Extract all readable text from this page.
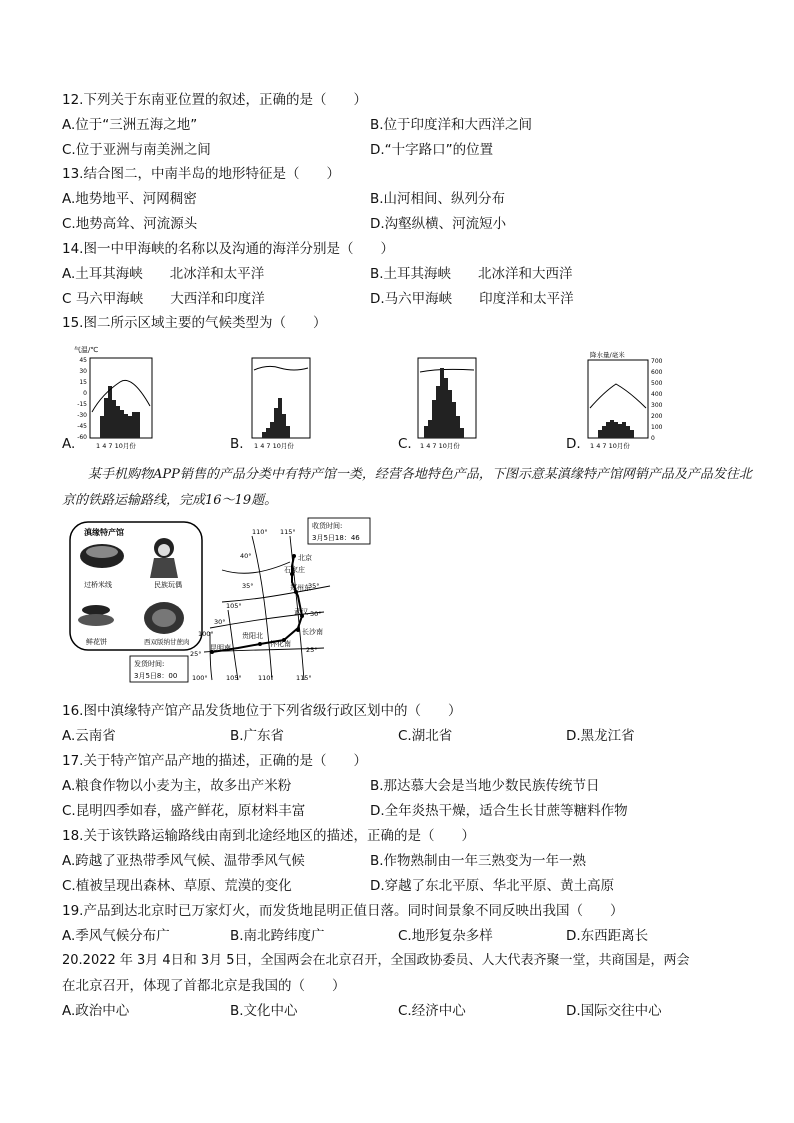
12.下列关于东南亚位置的叙述，正确的是（　　）
A.位于“三洲五海之地”	B.位于印度洋和大西洋之间
C.位于亚洲与南美洲之间	D.“十字路口”的位置
13.结合图二，中南半岛的地形特征是（　　）
A.地势地平、河网稠密	B.山河相间、纵列分布
C.地势高耸、河流源头	D.沟壑纵横、河流短小
14.图一中甲海峡的名称以及沟通的海洋分别是（　　）
A.土耳其海峡　　北冰洋和太平洋	B.土耳其海峡　　北冰洋和大西洋
C 马六甲海峡　　大西洋和印度洋	D.马六甲海峡　　印度洋和太平洋
15.图二所示区域主要的气候类型为（　　）
A.
气温/℃
45
30
15
0
-15
-30
-45
-60
1 4 7 10月份	B. 1 4 7 10月份	C. 1 4 7 10月份	D.
降水量/毫米
700
600
500
400
300
200
100
0
1 4 7 10月份
某手机购物APP销售的产品分类中有特产馆一类，经营各地特色产品，下图示意某滇缘特产馆网销产品及产品发往北京的铁路运输路线，完成16～19题。
滇缘特产馆
过桥米线	民族玩偶
鲜花饼	西双版纳甘蔗肉
北京
石家庄
郑州东
武汉
长沙南
怀化南
贵阳北
昆明南
110° 115°
105°
100°
100°	105°	110°	115°
40°
35°	35°
30°
30°
25°	25°
收货时间:
3月5日18：46
发货时间:
3月5日8：00
16.图中滇缘特产馆产品发货地位于下列省级行政区划中的（　　）
A.云南省	B.广东省	C.湖北省	D.黑龙江省
17.关于特产馆产品产地的描述，正确的是（　　）
A.粮食作物以小麦为主，故多出产米粉	B.那达慕大会是当地少数民族传统节日
C.昆明四季如春，盛产鲜花，原材料丰富	D.全年炎热干燥，适合生长甘蔗等糖料作物
18.关于该铁路运输路线由南到北途经地区的描述，正确的是（　　）
A.跨越了亚热带季风气候、温带季风气候	B.作物熟制由一年三熟变为一年一熟
C.植被呈现出森林、草原、荒漠的变化	D.穿越了东北平原、华北平原、黄土高原
19.产品到达北京时已万家灯火，而发货地昆明正值日落。同时间景象不同反映出我国（　　）
A.季风气候分布广	B.南北跨纬度广	C.地形复杂多样	D.东西距离长
20.2022 年 3月 4日和 3月 5日，全国两会在北京召开，全国政协委员、人大代表齐聚一堂，共商国是，两会
在北京召开，体现了首都北京是我国的（　　）
A.政治中心	B.文化中心	C.经济中心	D.国际交往中心
